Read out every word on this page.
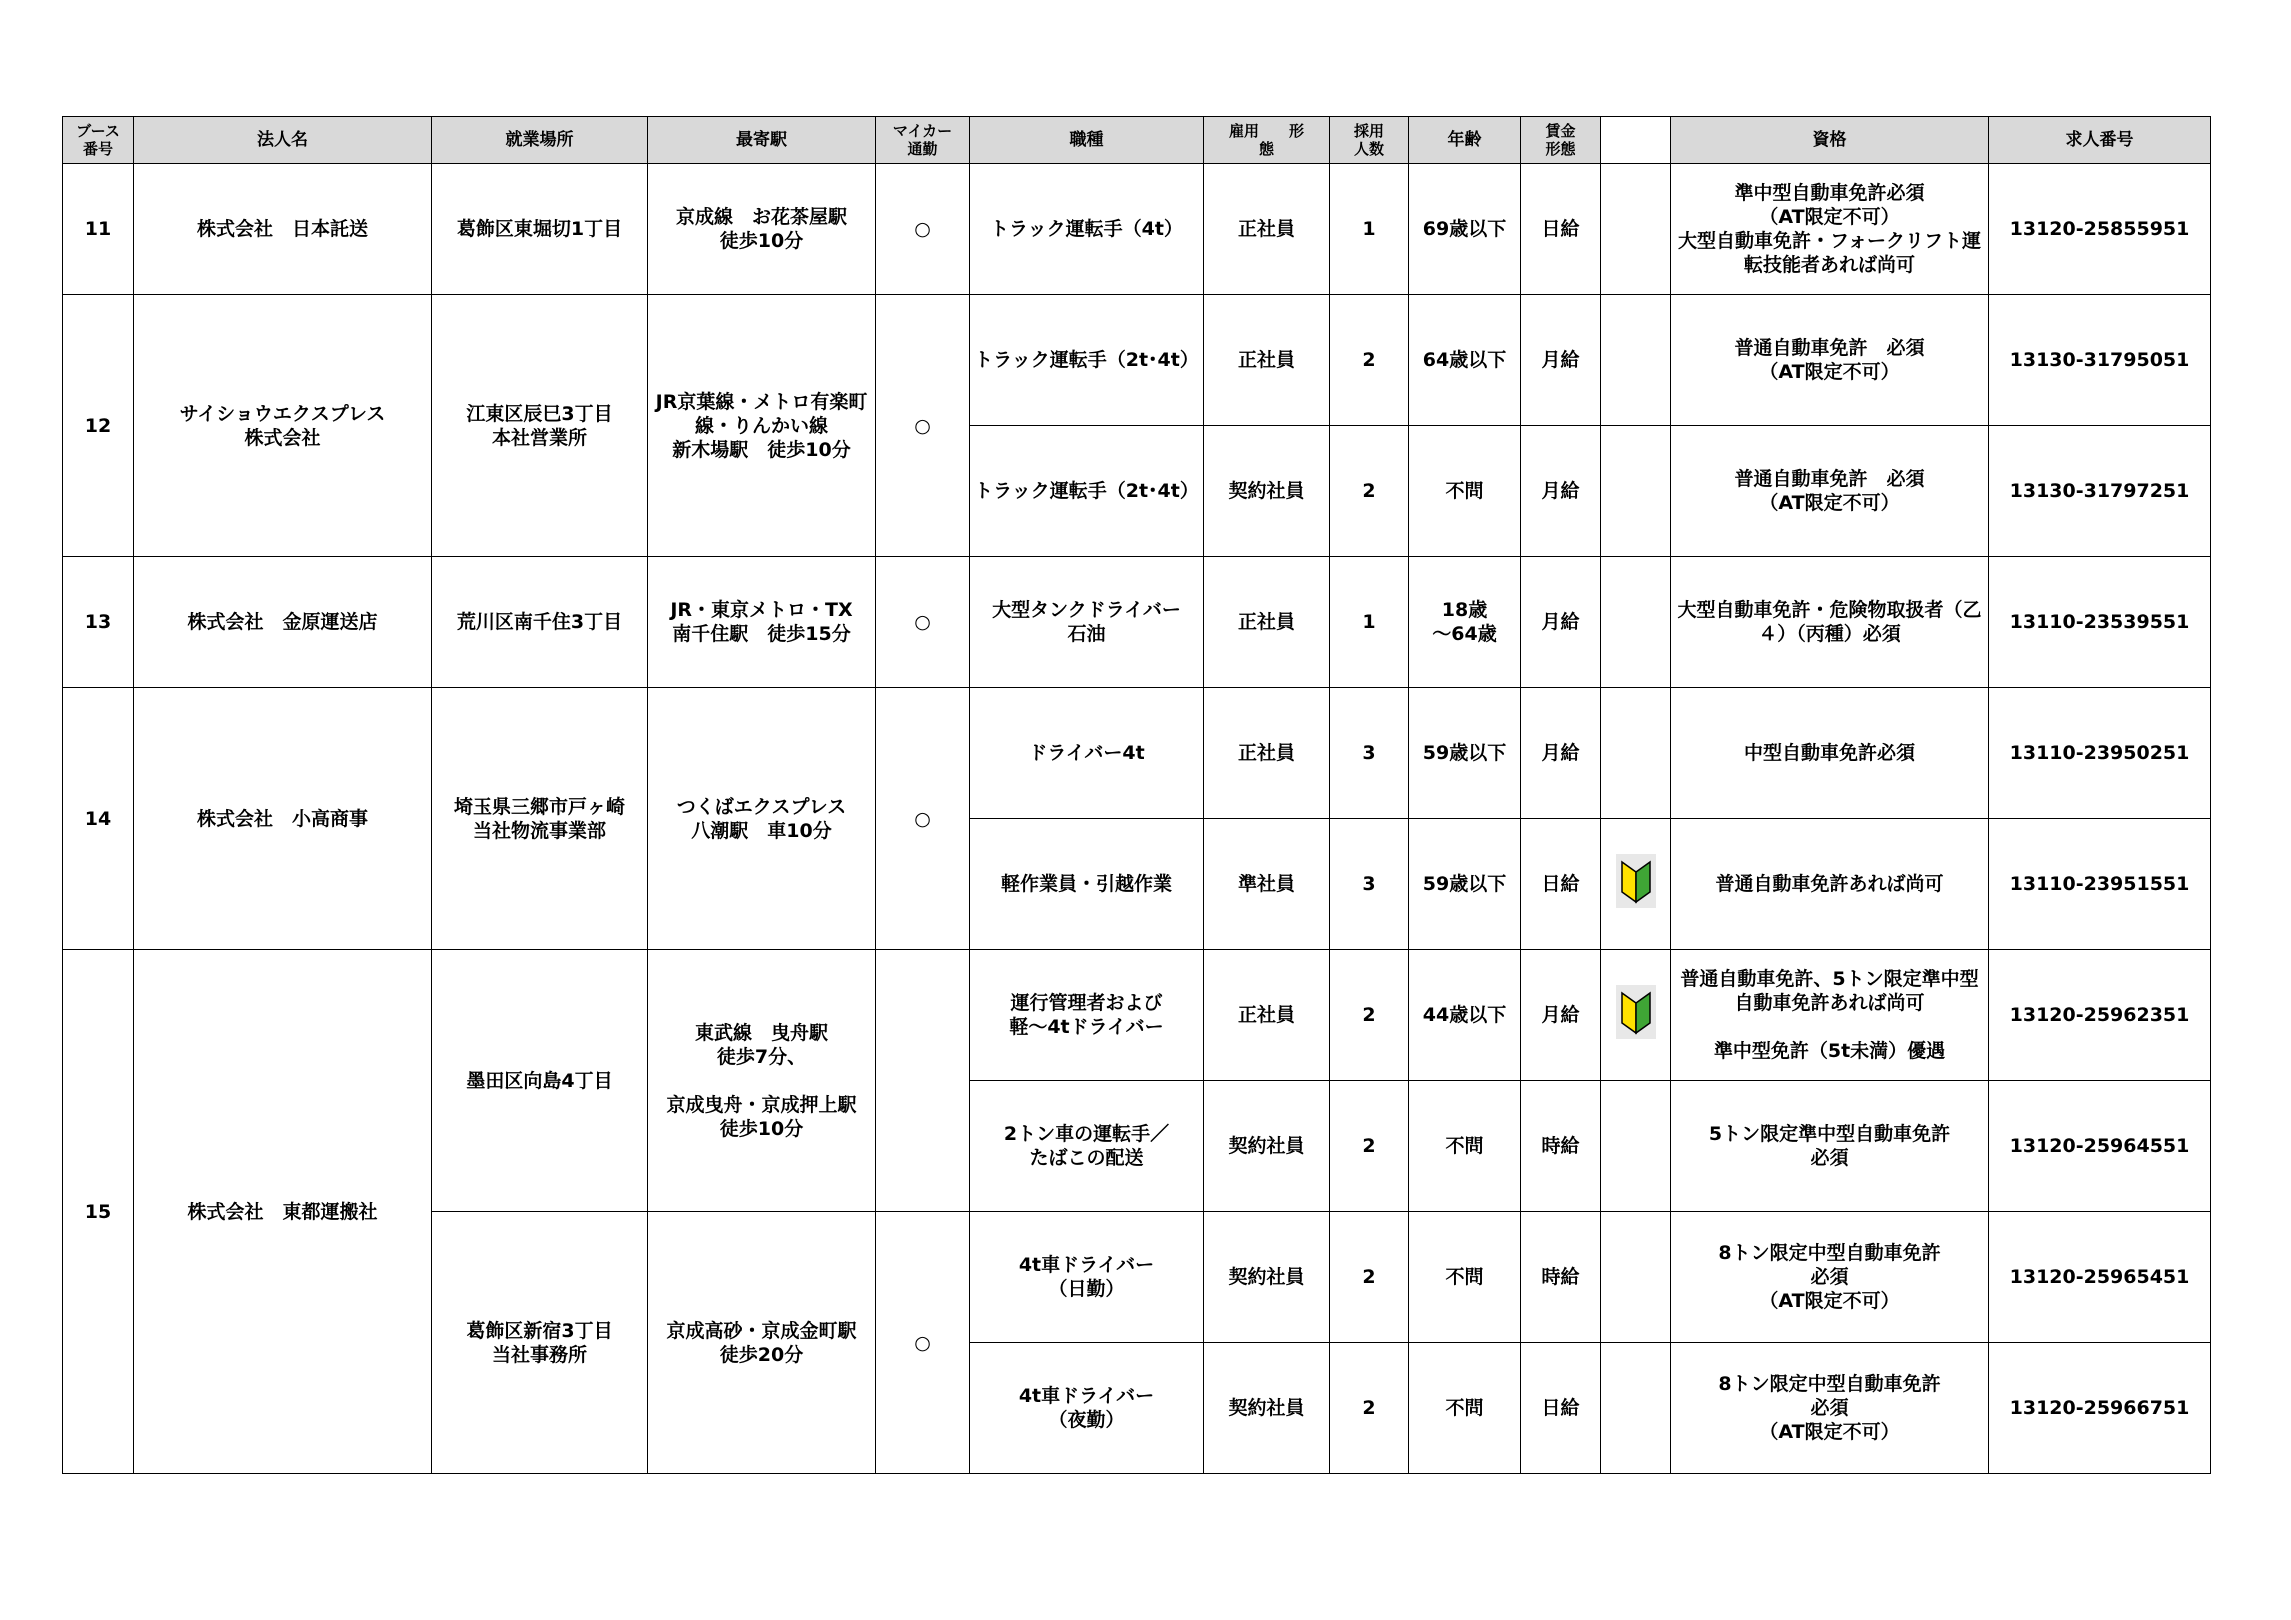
ブース
番号	法人名	就業場所	最寄駅	マイカー
通勤	職種	雇用　　形
態	採用
人数	年齢	賃金
形態		資格	求人番号
11	株式会社　日本託送	葛飾区東堀切1丁目	京成線　お花茶屋駅
徒歩10分	○	トラック運転手（4t）	正社員	1	69歳以下	日給		準中型自動車免許必須
（AT限定不可）
大型自動車免許・フォークリフト運転技能者あれば尚可	13120-25855951
12	サイショウエクスプレス
株式会社	江東区辰巳3丁目
本社営業所	JR京葉線・メトロ有楽町線・りんかい線
新木場駅　徒歩10分	○	トラック運転手（2t･4t）	正社員	2	64歳以下	月給		普通自動車免許　必須
（AT限定不可）	13130-31795051
					トラック運転手（2t･4t）	契約社員	2	不問	月給		普通自動車免許　必須
（AT限定不可）	13130-31797251
13	株式会社　金原運送店	荒川区南千住3丁目	JR・東京メトロ・TX
南千住駅　徒歩15分	○	大型タンクドライバー
石油	正社員	1	18歳
～64歳	月給		大型自動車免許・危険物取扱者（乙４）（丙種）必須	13110-23539551
14	株式会社　小高商事	埼玉県三郷市戸ヶ崎
当社物流事業部	つくばエクスプレス
八潮駅　車10分	○	ドライバー4t	正社員	3	59歳以下	月給		中型自動車免許必須	13110-23950251
					軽作業員・引越作業	準社員	3	59歳以下	日給		普通自動車免許あれば尚可	13110-23951551
15	株式会社　東都運搬社	墨田区向島4丁目	東武線　曳舟駅
徒歩7分、

京成曳舟・京成押上駅
徒歩10分		運行管理者および
軽～4tドライバー	正社員	2	44歳以下	月給		普通自動車免許、5トン限定準中型自動車免許あれば尚可

準中型免許（5t未満）優遇	13120-25962351
					2トン車の運転手／
たばこの配送	契約社員	2	不問	時給		5トン限定準中型自動車免許
必須	13120-25964551
		葛飾区新宿3丁目
当社事務所	京成高砂・京成金町駅
徒歩20分	○	4t車ドライバー
（日勤）	契約社員	2	不問	時給		8トン限定中型自動車免許
必須
（AT限定不可）	13120-25965451
					4t車ドライバー
（夜勤）	契約社員	2	不問	日給		8トン限定中型自動車免許
必須
（AT限定不可）	13120-25966751
